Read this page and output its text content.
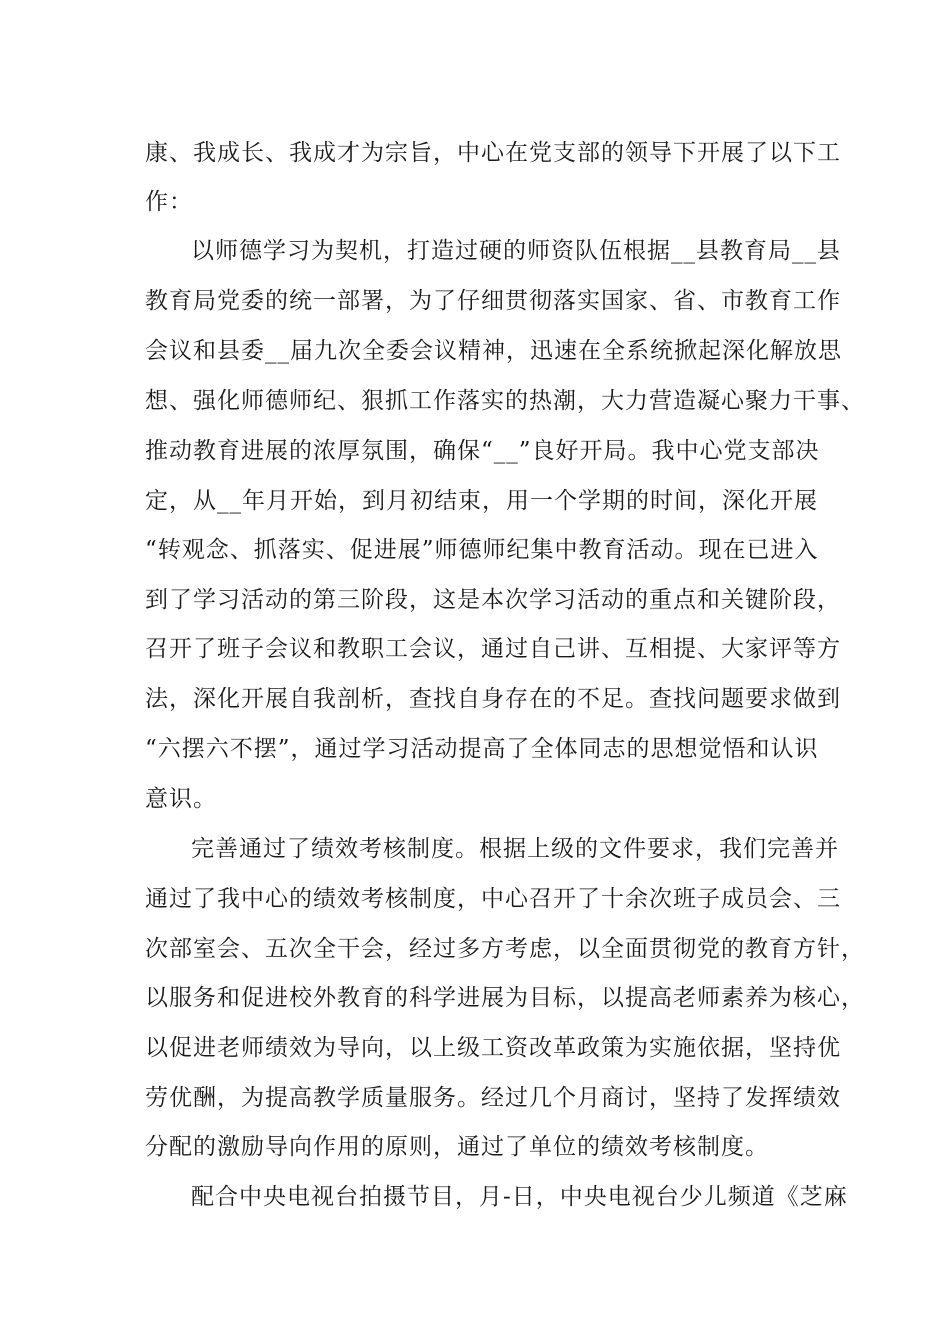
康、我成长、我成才为宗旨，中心在党支部的领导下开展了以下工
作：
以师德学习为契机，打造过硬的师资队伍根据__县教育局__县
教育局党委的统一部署，为了仔细贯彻落实国家、省、市教育工作
会议和县委__届九次全委会议精神，迅速在全系统掀起深化解放思
想、强化师德师纪、狠抓工作落实的热潮，大力营造凝心聚力干事、
推动教育进展的浓厚氛围，确保“__”良好开局。我中心党支部决
定，从__年月开始，到月初结束，用一个学期的时间，深化开展
“转观念、抓落实、促进展”师德师纪集中教育活动。现在已进入
到了学习活动的第三阶段，这是本次学习活动的重点和关键阶段，
召开了班子会议和教职工会议，通过自己讲、互相提、大家评等方
法，深化开展自我剖析，查找自身存在的不足。查找问题要求做到
“六摆六不摆”，通过学习活动提高了全体同志的思想觉悟和认识
意识。
完善通过了绩效考核制度。根据上级的文件要求，我们完善并
通过了我中心的绩效考核制度，中心召开了十余次班子成员会、三
次部室会、五次全干会，经过多方考虑，以全面贯彻党的教育方针，
以服务和促进校外教育的科学进展为目标，以提高老师素养为核心，
以促进老师绩效为导向，以上级工资改革政策为实施依据，坚持优
劳优酬，为提高教学质量服务。经过几个月商讨，坚持了发挥绩效
分配的激励导向作用的原则，通过了单位的绩效考核制度。
配合中央电视台拍摄节目，月-日，中央电视台少儿频道《芝麻
